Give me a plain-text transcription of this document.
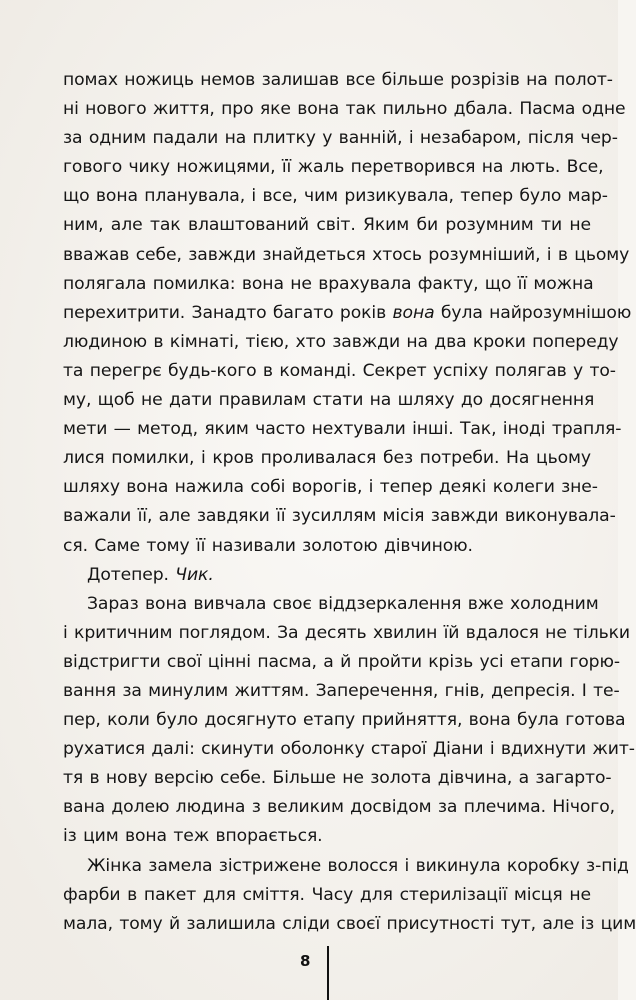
помах ножиць немов залишав все більше розрізів на полот-
ні нового життя, про яке вона так пильно дбала. Пасма одне
за одним падали на плитку у ванній, і незабаром, після чер-
гового чику ножицями, її жаль перетворився на лють. Все,
що вона планувала, і все, чим ризикувала, тепер було мар-
ним, але так влаштований світ. Яким би розумним ти не
вважав себе, завжди знайдеться хтось розумніший, і в цьому
полягала помилка: вона не врахувала факту, що її можна
перехитрити. Занадто багато років вона була найрозумнішою
людиною в кімнаті, тією, хто завжди на два кроки попереду
та перегрє будь-кого в команді. Секрет успіху полягав у то-
му, щоб не дати правилам стати на шляху до досягнення
мети — метод, яким часто нехтували інші. Так, іноді трапля-
лися помилки, і кров проливалася без потреби. На цьому
шляху вона нажила собі ворогів, і тепер деякі колеги зне-
важали її, але завдяки її зусиллям місія завжди виконувала-
ся. Саме тому її називали золотою дівчиною.
Дотепер. Чик.
Зараз вона вивчала своє віддзеркалення вже холодним
і критичним поглядом. За десять хвилин їй вдалося не тільки
відстригти свої цінні пасма, а й пройти крізь усі етапи горю-
вання за минулим життям. Заперечення, гнів, депресія. І те-
пер, коли було досягнуто етапу прийняття, вона була готова
рухатися далі: скинути оболонку старої Діани і вдихнути жит-
тя в нову версію себе. Більше не золота дівчина, а загарто-
вана долею людина з великим досвідом за плечима. Нічого,
із цим вона теж впорається.
Жінка замела зістрижене волосся і викинула коробку з-під
фарби в пакет для сміття. Часу для стерилізації місця не
мала, тому й залишила сліди своєї присутності тут, але із цим
8
